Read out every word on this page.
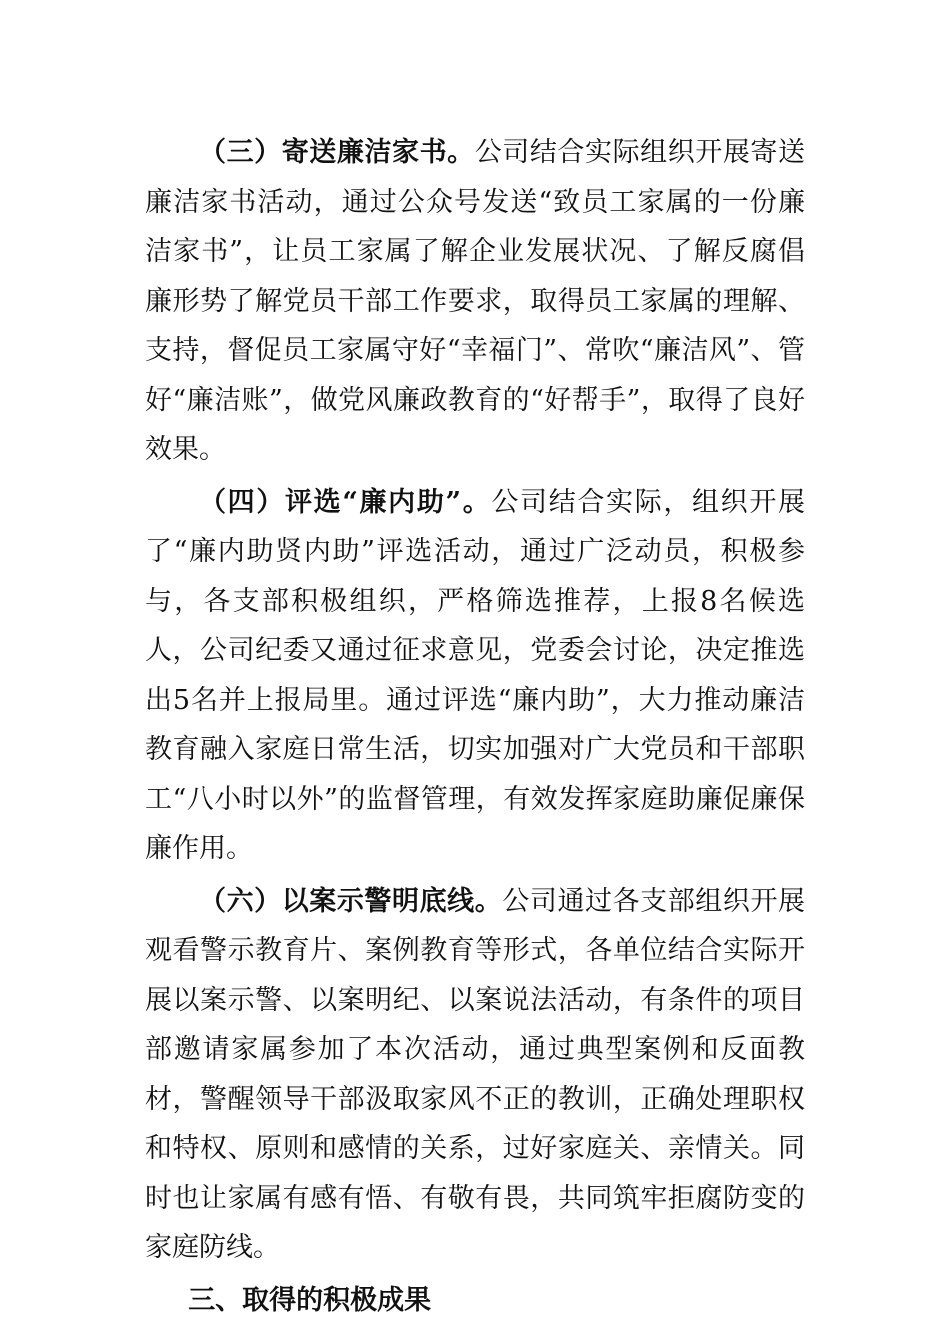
（三）寄送廉洁家书。公司结合实际组织开展寄送廉洁家书活动，通过公众号发送“致员工家属的一份廉洁家书”，让员工家属了解企业发展状况、了解反腐倡廉形势了解党员干部工作要求，取得员工家属的理解、支持，督促员工家属守好“幸福门”、常吹“廉洁风”、管好“廉洁账”，做党风廉政教育的“好帮手”，取得了良好效果。

（四）评选“廉内助”。公司结合实际，组织开展了“廉内助贤内助”评选活动，通过广泛动员，积极参与，各支部积极组织，严格筛选推荐，上报8名候选人，公司纪委又通过征求意见，党委会讨论，决定推选出5名并上报局里。通过评选“廉内助”，大力推动廉洁教育融入家庭日常生活，切实加强对广大党员和干部职工“八小时以外”的监督管理，有效发挥家庭助廉促廉保廉作用。

（六）以案示警明底线。公司通过各支部组织开展观看警示教育片、案例教育等形式，各单位结合实际开展以案示警、以案明纪、以案说法活动，有条件的项目部邀请家属参加了本次活动，通过典型案例和反面教材，警醒领导干部汲取家风不正的教训，正确处理职权和特权、原则和感情的关系，过好家庭关、亲情关。同时也让家属有感有悟、有敬有畏，共同筑牢拒腐防变的家庭防线。

三、取得的积极成果
